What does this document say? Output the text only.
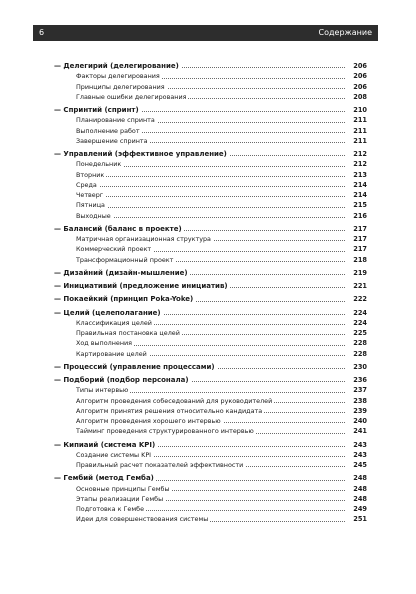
6	Содержание
— Делегирий (делегирование)	206
Факторы делегирования	206
Принципы делегирования	206
Главные ошибки делегирования	208
— Спринтий (спринт)	210
Планирование спринта	211
Выполнение работ	211
Завершение спринта	211
— Управлений (эффективное управление)	212
Понедельник	212
Вторник	213
Среда	214
Четверг	214
Пятница	215
Выходные	216
— Балансий (баланс в проекте)	217
Матричная организационная структура	217
Коммерческий проект	217
Трансформационный проект	218
— Дизайний (дизайн-мышление)	219
— Инициативий (предложение инициатив)	221
— Покаейкий (принцип Poka-Yoke)	222
— Целий (целеполагание)	224
Классификация целей	224
Правильная постановка целей	225
Ход выполнения	228
Картирование целей	228
— Процессий (управление процессами)	230
— Подборий (подбор персонала)	236
Типы интервью	237
Алгоритм проведения собеседований для руководителей	238
Алгоритм принятия решения относительно кандидата	239
Алгоритм проведения хорошего интервью	240
Тайминг проведения структурированного интервью	241
— Кипиаий (система KPI)	243
Создание системы KPI	243
Правильный расчет показателей эффективности	245
— Гембий (метод Гемба)	248
Основные принципы Гембы	248
Этапы реализации Гембы	248
Подготовка к Гембе	249
Идеи для совершенствования системы	251
